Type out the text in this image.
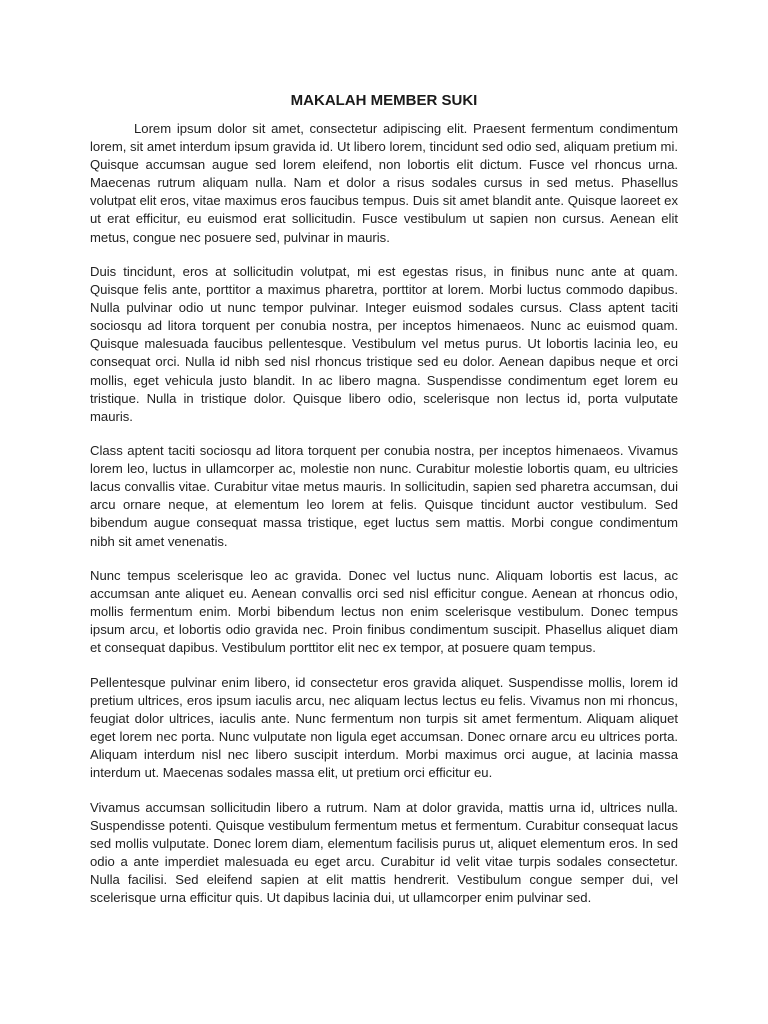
MAKALAH MEMBER SUKI

Lorem ipsum dolor sit amet, consectetur adipiscing elit. Praesent fermentum condimentum lorem, sit amet interdum ipsum gravida id. Ut libero lorem, tincidunt sed odio sed, aliquam pretium mi. Quisque accumsan augue sed lorem eleifend, non lobortis elit dictum. Fusce vel rhoncus urna. Maecenas rutrum aliquam nulla. Nam et dolor a risus sodales cursus in sed metus. Phasellus volutpat elit eros, vitae maximus eros faucibus tempus. Duis sit amet blandit ante. Quisque laoreet ex ut erat efficitur, eu euismod erat sollicitudin. Fusce vestibulum ut sapien non cursus. Aenean elit metus, congue nec posuere sed, pulvinar in mauris.

Duis tincidunt, eros at sollicitudin volutpat, mi est egestas risus, in finibus nunc ante at quam. Quisque felis ante, porttitor a maximus pharetra, porttitor at lorem. Morbi luctus commodo dapibus. Nulla pulvinar odio ut nunc tempor pulvinar. Integer euismod sodales cursus. Class aptent taciti sociosqu ad litora torquent per conubia nostra, per inceptos himenaeos. Nunc ac euismod quam. Quisque malesuada faucibus pellentesque. Vestibulum vel metus purus. Ut lobortis lacinia leo, eu consequat orci. Nulla id nibh sed nisl rhoncus tristique sed eu dolor. Aenean dapibus neque et orci mollis, eget vehicula justo blandit. In ac libero magna. Suspendisse condimentum eget lorem eu tristique. Nulla in tristique dolor. Quisque libero odio, scelerisque non lectus id, porta vulputate mauris.

Class aptent taciti sociosqu ad litora torquent per conubia nostra, per inceptos himenaeos. Vivamus lorem leo, luctus in ullamcorper ac, molestie non nunc. Curabitur molestie lobortis quam, eu ultricies lacus convallis vitae. Curabitur vitae metus mauris. In sollicitudin, sapien sed pharetra accumsan, dui arcu ornare neque, at elementum leo lorem at felis. Quisque tincidunt auctor vestibulum. Sed bibendum augue consequat massa tristique, eget luctus sem mattis. Morbi congue condimentum nibh sit amet venenatis.

Nunc tempus scelerisque leo ac gravida. Donec vel luctus nunc. Aliquam lobortis est lacus, ac accumsan ante aliquet eu. Aenean convallis orci sed nisl efficitur congue. Aenean at rhoncus odio, mollis fermentum enim. Morbi bibendum lectus non enim scelerisque vestibulum. Donec tempus ipsum arcu, et lobortis odio gravida nec. Proin finibus condimentum suscipit. Phasellus aliquet diam et consequat dapibus. Vestibulum porttitor elit nec ex tempor, at posuere quam tempus.

Pellentesque pulvinar enim libero, id consectetur eros gravida aliquet. Suspendisse mollis, lorem id pretium ultrices, eros ipsum iaculis arcu, nec aliquam lectus lectus eu felis. Vivamus non mi rhoncus, feugiat dolor ultrices, iaculis ante. Nunc fermentum non turpis sit amet fermentum. Aliquam aliquet eget lorem nec porta. Nunc vulputate non ligula eget accumsan. Donec ornare arcu eu ultrices porta. Aliquam interdum nisl nec libero suscipit interdum. Morbi maximus orci augue, at lacinia massa interdum ut. Maecenas sodales massa elit, ut pretium orci efficitur eu.

Vivamus accumsan sollicitudin libero a rutrum. Nam at dolor gravida, mattis urna id, ultrices nulla. Suspendisse potenti. Quisque vestibulum fermentum metus et fermentum. Curabitur consequat lacus sed mollis vulputate. Donec lorem diam, elementum facilisis purus ut, aliquet elementum eros. In sed odio a ante imperdiet malesuada eu eget arcu. Curabitur id velit vitae turpis sodales consectetur. Nulla facilisi. Sed eleifend sapien at elit mattis hendrerit. Vestibulum congue semper dui, vel scelerisque urna efficitur quis. Ut dapibus lacinia dui, ut ullamcorper enim pulvinar sed.
